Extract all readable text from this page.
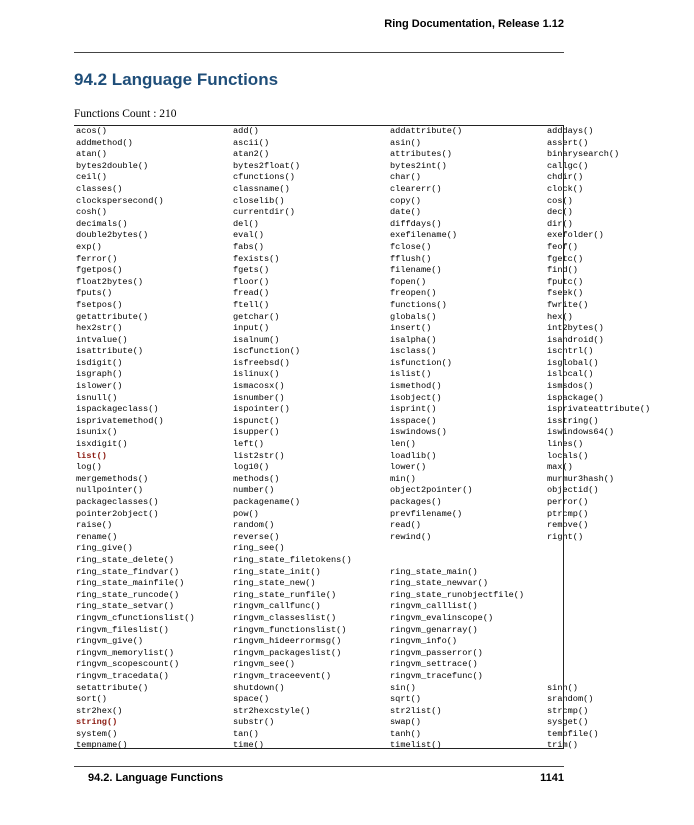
Ring Documentation, Release 1.12
94.2 Language Functions
Functions Count : 210
acos()	add()	addattribute()	adddays()
addmethod()	ascii()	asin()	assert()
atan()	atan2()	attributes()	binarysearch()
bytes2double()	bytes2float()	bytes2int()	callgc()
ceil()	cfunctions()	char()	chdir()
classes()	classname()	clearerr()	clock()
clockspersecond()	closelib()	copy()	cos()
cosh()	currentdir()	date()	dec()
decimals()	del()	diffdays()	dir()
double2bytes()	eval()	exefilename()	exefolder()
exp()	fabs()	fclose()	feof()
ferror()	fexists()	fflush()	fgetc()
fgetpos()	fgets()	filename()	find()
float2bytes()	floor()	fopen()	fputc()
fputs()	fread()	freopen()	fseek()
fsetpos()	ftell()	functions()	fwrite()
getattribute()	getchar()	globals()	hex()
hex2str()	input()	insert()	int2bytes()
intvalue()	isalnum()	isalpha()	isandroid()
isattribute()	iscfunction()	isclass()	iscntrl()
isdigit()	isfreebsd()	isfunction()	isglobal()
isgraph()	islinux()	islist()	islocal()
islower()	ismacosx()	ismethod()	ismsdos()
isnull()	isnumber()	isobject()	ispackage()
ispackageclass()	ispointer()	isprint()	isprivateattribute()
isprivatemethod()	ispunct()	isspace()	isstring()
isunix()	isupper()	iswindows()	iswindows64()
isxdigit()	left()	len()	lines()
list()	list2str()	loadlib()	locals()
log()	log10()	lower()	max()
mergemethods()	methods()	min()	murmur3hash()
nullpointer()	number()	object2pointer()	objectid()
packageclasses()	packagename()	packages()	perror()
pointer2object()	pow()	prevfilename()	ptrcmp()
raise()	random()	read()	remove()
rename()	reverse()	rewind()	right()
ring_give()	ring_see()		
ring_state_delete()	ring_state_filetokens()		
ring_state_findvar()	ring_state_init()	ring_state_main()	
ring_state_mainfile()	ring_state_new()	ring_state_newvar()	
ring_state_runcode()	ring_state_runfile()	ring_state_runobjectfile()	
ring_state_setvar()	ringvm_callfunc()	ringvm_calllist()	
ringvm_cfunctionslist()	ringvm_classeslist()	ringvm_evalinscope()	
ringvm_fileslist()	ringvm_functionslist()	ringvm_genarray()	
ringvm_give()	ringvm_hideerrormsg()	ringvm_info()	
ringvm_memorylist()	ringvm_packageslist()	ringvm_passerror()	
ringvm_scopescount()	ringvm_see()	ringvm_settrace()	
ringvm_tracedata()	ringvm_traceevent()	ringvm_tracefunc()	
setattribute()	shutdown()	sin()	sinh()
sort()	space()	sqrt()	srandom()
str2hex()	str2hexcstyle()	str2list()	strcmp()
string()	substr()	swap()	sysget()
system()	tan()	tanh()	tempfile()
tempname()	time()	timelist()	trim()
94.2. Language Functions	1141
